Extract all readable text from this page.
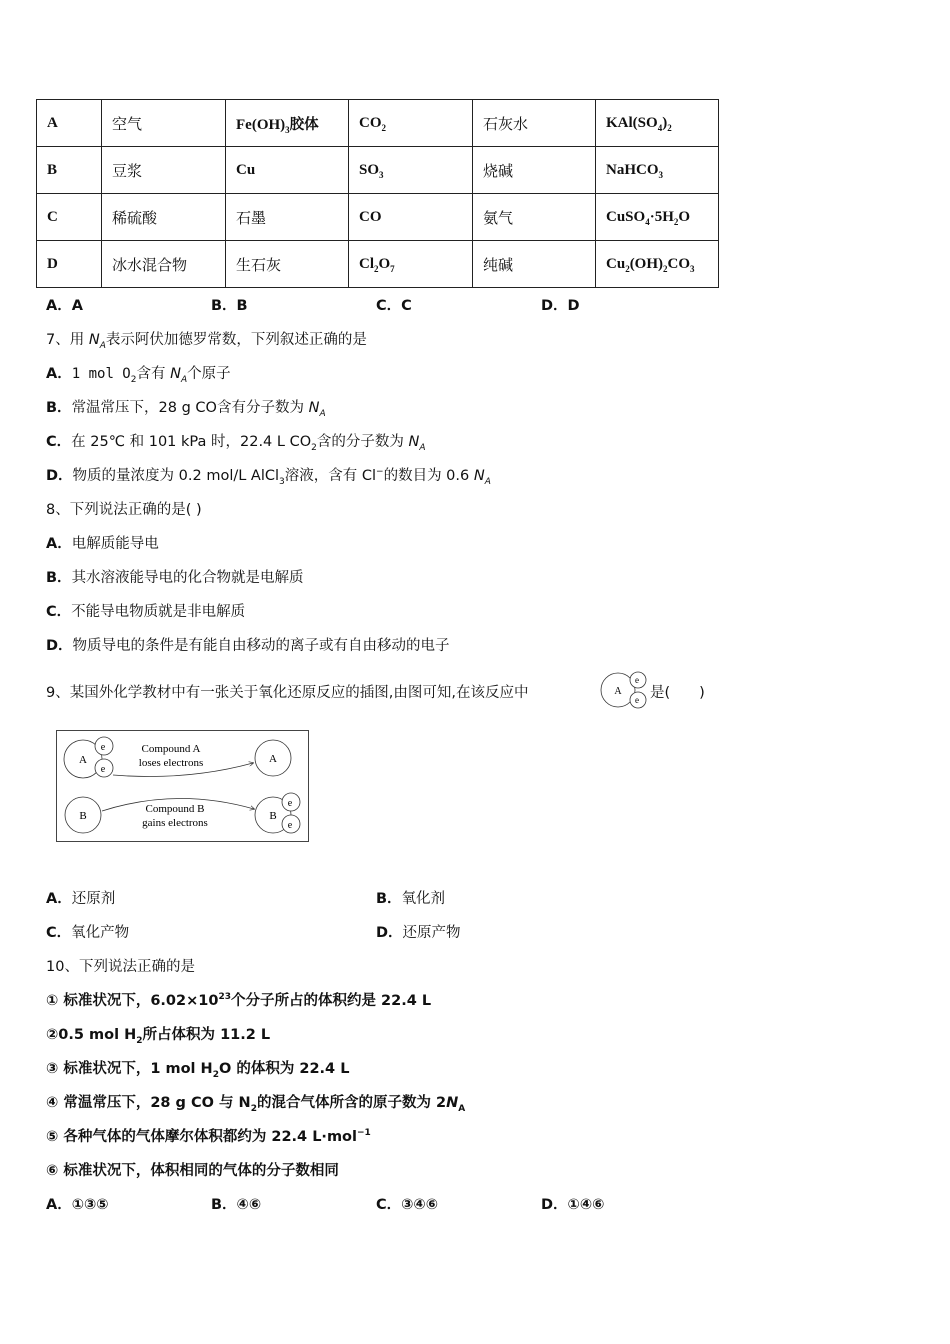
A	空气	$Fe(OH)_3$胶体	$CO_2$	石灰水	$KAl(SO_4)_2$
B	豆浆	Cu	$SO_3$	烧碱	NaHCO$_3$
C	稀硫酸	石墨	CO	氨气	$CuSO_4\cdot 5H_2O$
D	冰水混合物	生石灰	$Cl_2O_7$	纯碱	$Cu_2(OH)_2CO_3$
A．A	B．B	C．C	D．D
7、用 $N_A$表示阿伏加德罗常数，下列叙述正确的是
A．1 mol $O_2$含有 $N_A$个原子
B．常温常压下，28 g CO含有分子数为 $N_A$
C．在 25℃ 和 101 kPa 时，22.4 L $CO_2$含的分子数为 $N_A$
D．物质的量浓度为 0.2 mol/L AlCl$_3$溶液，含有 Cl−的数目为 0.6 $N_A$
8、下列说法正确的是( )
A．电解质能导电
B．其水溶液能导电的化合物就是电解质
C．不能导电物质就是非电解质
D．物质导电的条件是有能自由移动的离子或有自由移动的电子
9、某国外化学教材中有一张关于氧化还原反应的插图,由图可知,在该反应中	A
e
e 是(　　)
A
e
e
Compound A
loses electrons	A
B
Compound B
gains electrons
B
e
e
A．还原剂	B．氧化剂
C．氧化产物	D．还原产物
10、下列说法正确的是
① 标准状况下，$6.02\times 10^{23}$个分子所占的体积约是 22.4 L
②0.5 mol $H_2$所占体积为 11.2 L
③ 标准状况下，1 mol $H_2O$ 的体积为 22.4 L
④ 常温常压下，28 g CO 与 $N_2$的混合气体所含的原子数为 $2N_A$
⑤ 各种气体的气体摩尔体积都约为 22.4 L·mol$^{-1}$
⑥ 标准状况下，体积相同的气体的分子数相同
A．①③⑤	B．④⑥	C．③④⑥	D．①④⑥
